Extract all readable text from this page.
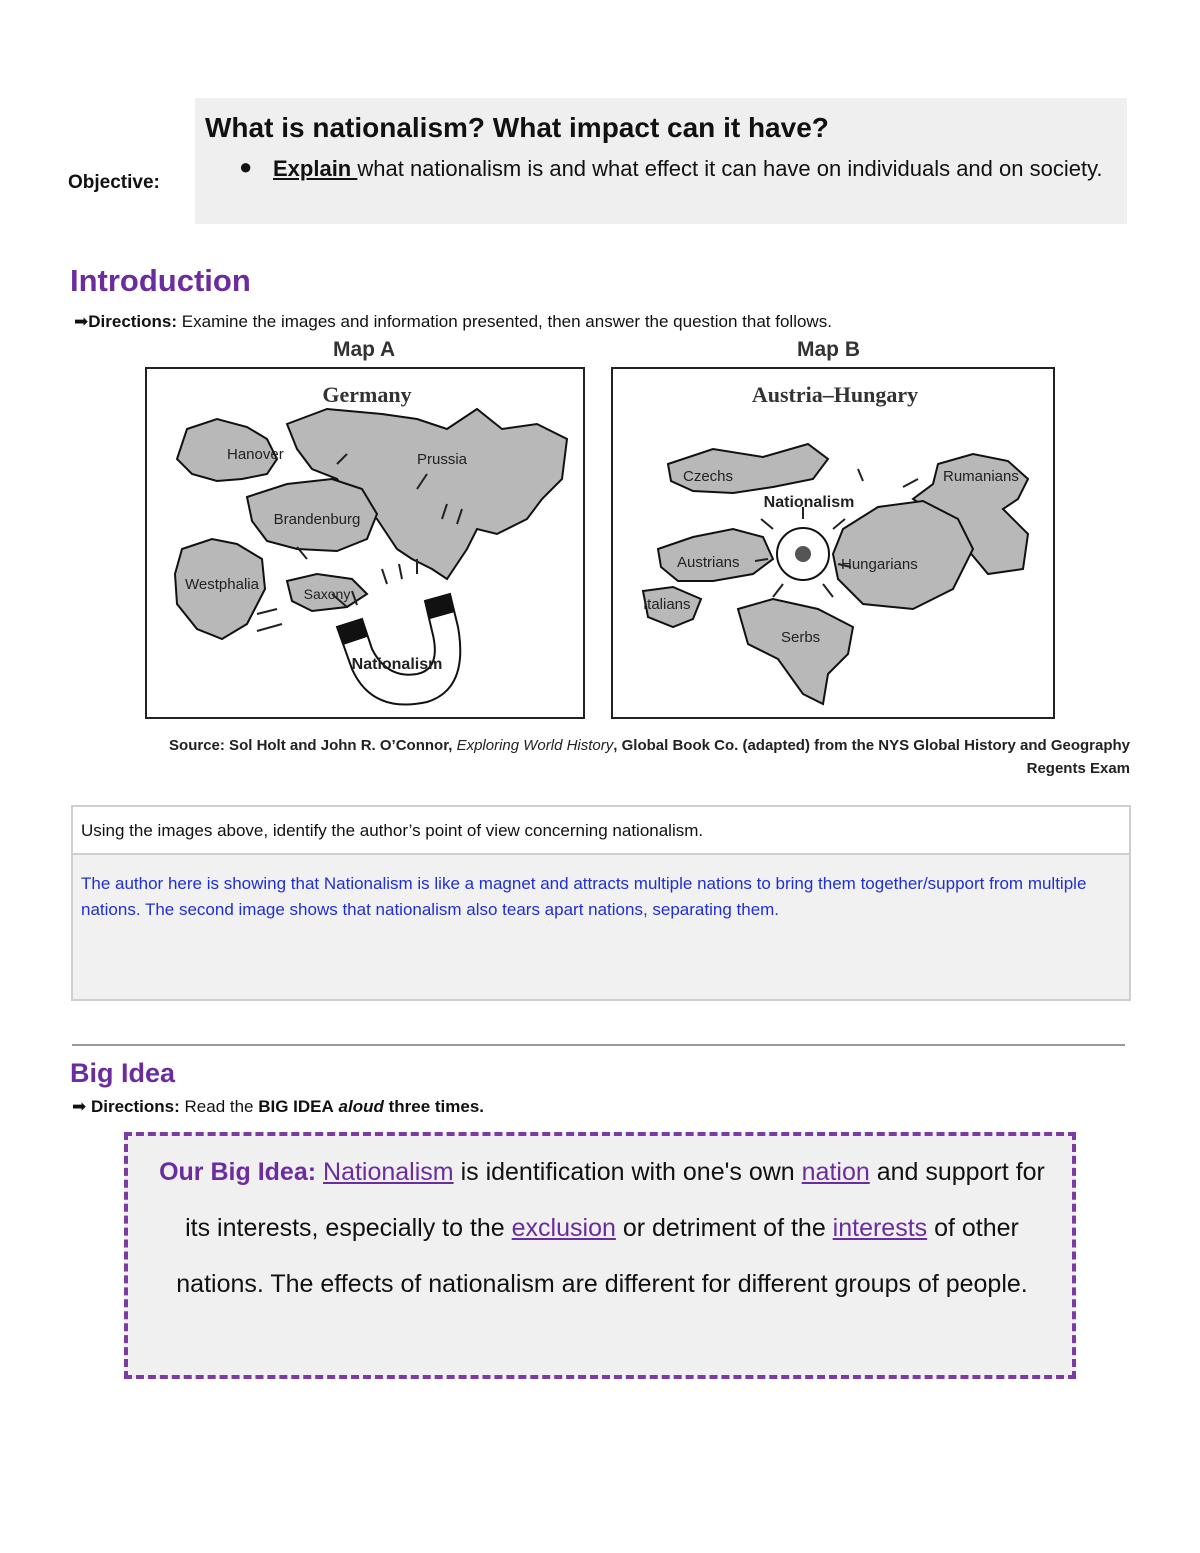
Objective:
What is nationalism? What impact can it have?
● Explain what nationalism is and what effect it can have on individuals and on society.
Introduction
➡Directions: Examine the images and information presented, then answer the question that follows.
Map A
Germany
Hanover	Prussia
Brandenburg
Westphalia
Saxony
Nationalism
Map B
Austria–Hungary
Czechs	Rumanians
Austrians	Hungarians
Italians
Serbs
Nationalism
Source: Sol Holt and John R. O’Connor, Exploring World History, Global Book Co. (adapted) from the NYS Global History and Geography Regents Exam
Using the images above, identify the author’s point of view concerning nationalism.
The author here is showing that Nationalism is like a magnet and attracts multiple nations to bring them together/support from multiple nations. The second image shows that nationalism also tears apart nations, separating them.
Big Idea
➡ Directions: Read the BIG IDEA aloud three times.
Our Big Idea: Nationalism is identification with one's own nation and support for its interests, especially to the exclusion or detriment of the interests of other nations. The effects of nationalism are different for different groups of people.
